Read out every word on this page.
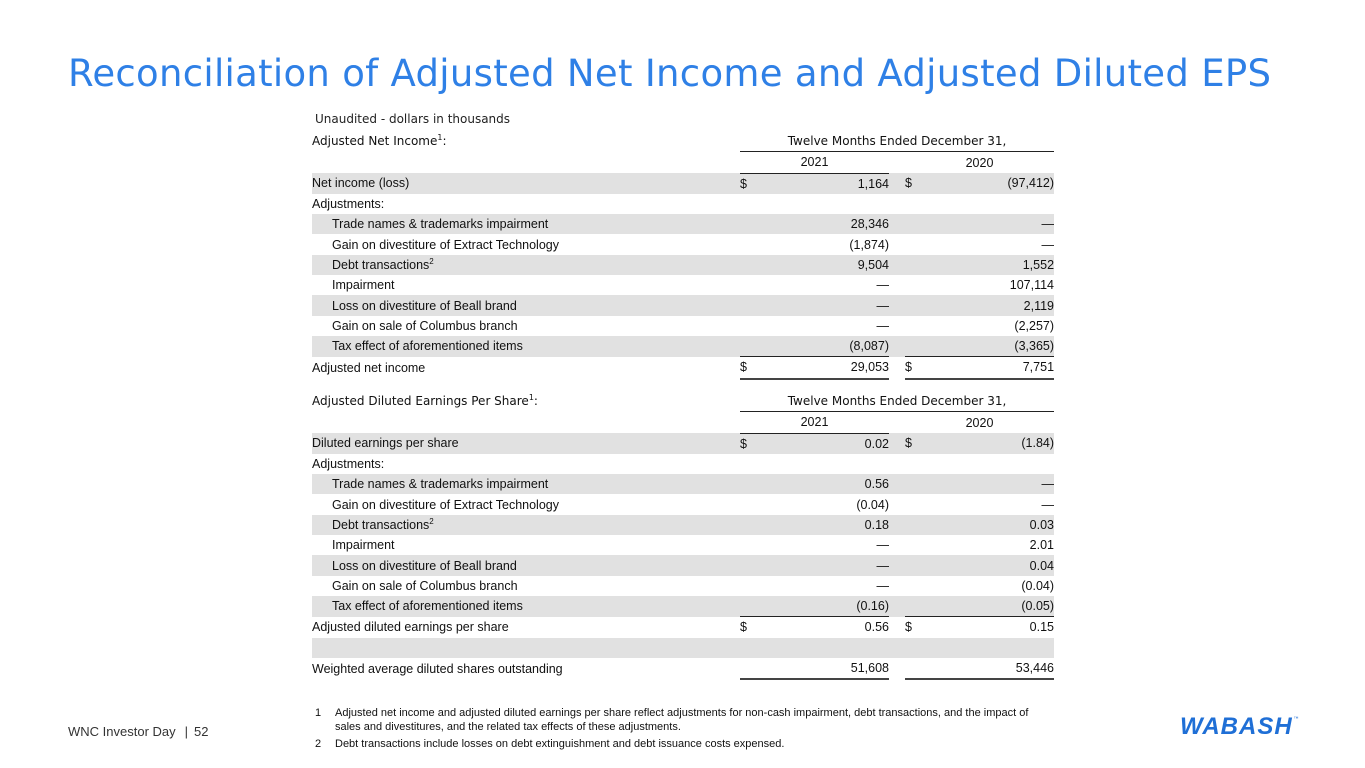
Reconciliation of Adjusted Net Income and Adjusted Diluted EPS
Unaudited - dollars in thousands
Adjusted Net Income$^1$:	Twelve Months Ended December 31,				
	2021			2020	
Net income (loss)	$	1,164		$	(97,412)
Adjustments:					
Trade names & trademarks impairment		28,346			—
Gain on divestiture of Extract Technology		(1,874)			—
Debt transactions$^2$		9,504			1,552
Impairment		—			107,114
Loss on divestiture of Beall brand		—			2,119
Gain on sale of Columbus branch		—			(2,257)
Tax effect of aforementioned items		(8,087)			(3,365)
Adjusted net income	$	29,053		$	7,751
Adjusted Diluted Earnings Per Share$^1$:	Twelve Months Ended December 31,				
	2021			2020	
Diluted earnings per share	$	0.02		$	(1.84)
Adjustments:					
Trade names & trademarks impairment		0.56			—
Gain on divestiture of Extract Technology		(0.04)			—
Debt transactions$^2$		0.18			0.03
Impairment		—			2.01
Loss on divestiture of Beall brand		—			0.04
Gain on sale of Columbus branch		—			(0.04)
Tax effect of aforementioned items		(0.16)			(0.05)
Adjusted diluted earnings per share	$	0.56		$	0.15

Weighted average diluted shares outstanding		51,608			53,446
1	Adjusted net income and adjusted diluted earnings per share reflect adjustments for non-cash impairment, debt transactions, and the impact of sales and divestitures, and the related tax effects of these adjustments.
2	Debt transactions include losses on debt extinguishment and debt issuance costs expensed.
WNC Investor Day | 52	WABASH™
